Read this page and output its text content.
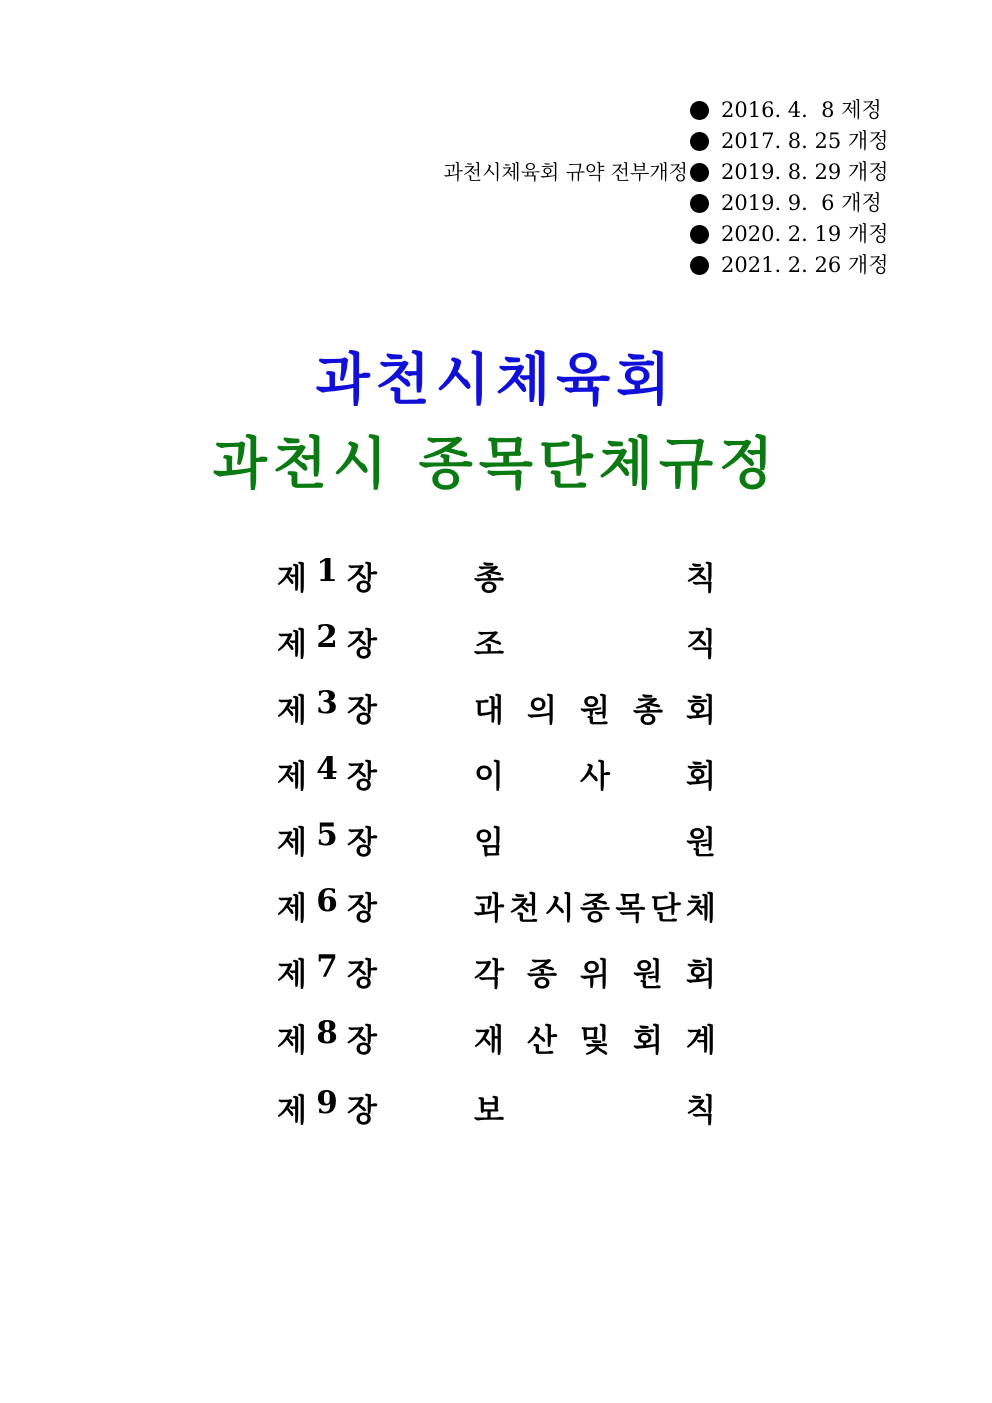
2016. 4.  8 제정
2017. 8. 25 개정
과천시체육회 규약 전부개정 2019. 8. 29 개정
2019. 9.  6 개정
2020. 2. 19 개정
2021. 2. 26 개정
과천시체육회
과천시 종목단체규정
제 1 장	총	칙
제 2 장	조	직
제 3 장	대 의 원 총 회
제 4 장	이 사 회
제 5 장	임	원
제 6 장	과 천 시 종 목 단 체
제 7 장	각 종 위 원 회
제 8 장	재 산 및 회 계
제 9 장	보	칙
